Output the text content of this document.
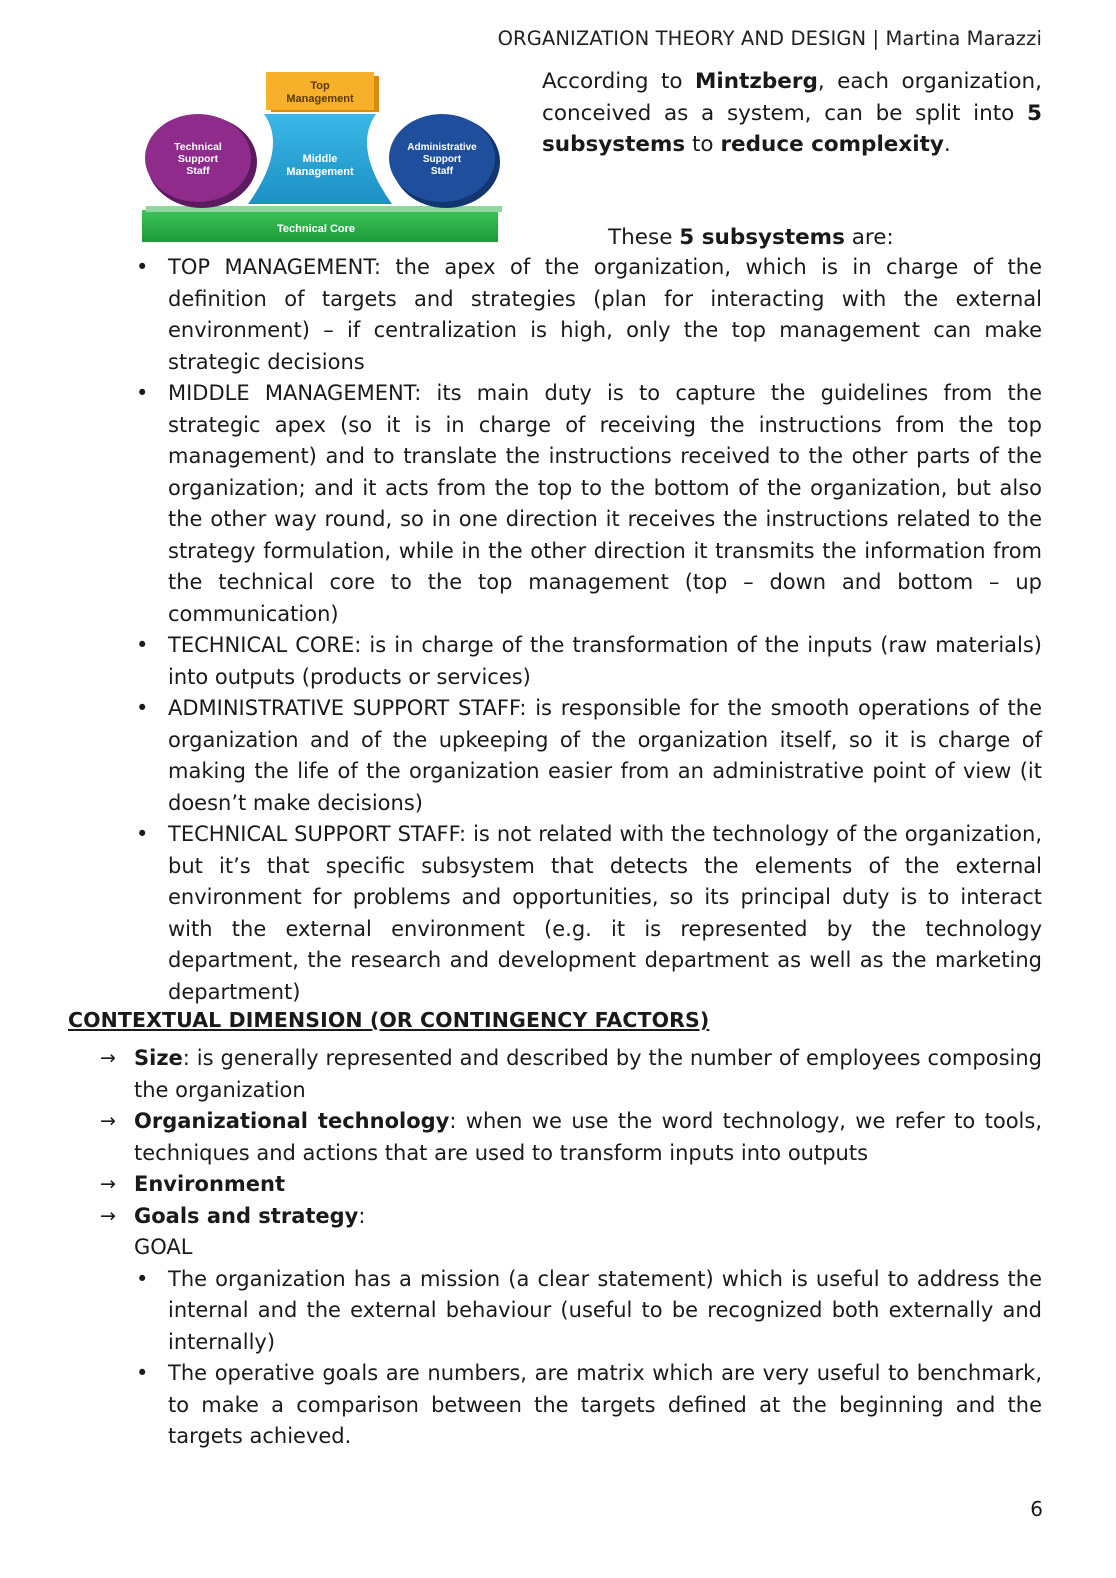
ORGANIZATION THEORY AND DESIGN | Martina Marazzi
Technical Core
Middle
Management
Top
Management
Technical
Support
Staff
Administrative
Support
Staff
According to Mintzberg, each organization, conceived as a system, can be split into 5 subsystems to reduce complexity.
These 5 subsystems are:
• TOP MANAGEMENT: the apex of the organization, which is in charge of the definition of targets and strategies (plan for interacting with the external environment) – if centralization is high, only the top management can make strategic decisions
• MIDDLE MANAGEMENT: its main duty is to capture the guidelines from the strategic apex (so it is in charge of receiving the instructions from the top management) and to translate the instructions received to the other parts of the organization; and it acts from the top to the bottom of the organization, but also the other way round, so in one direction it receives the instructions related to the strategy formulation, while in the other direction it transmits the information from the technical core to the top management (top – down and bottom – up communication)
• TECHNICAL CORE: is in charge of the transformation of the inputs (raw materials) into outputs (products or services)
• ADMINISTRATIVE SUPPORT STAFF: is responsible for the smooth operations of the organization and of the upkeeping of the organization itself, so it is charge of making the life of the organization easier from an administrative point of view (it doesn’t make decisions)
• TECHNICAL SUPPORT STAFF: is not related with the technology of the organization, but it’s that specific subsystem that detects the elements of the external environment for problems and opportunities, so its principal duty is to interact with the external environment (e.g. it is represented by the technology department, the research and development department as well as the marketing department)
CONTEXTUAL DIMENSION (OR CONTINGENCY FACTORS)
→ Size: is generally represented and described by the number of employees composing the organization
→ Organizational technology: when we use the word technology, we refer to tools, techniques and actions that are used to transform inputs into outputs
→ Environment
→ Goals and strategy:
GOAL
• The organization has a mission (a clear statement) which is useful to address the internal and the external behaviour (useful to be recognized both externally and internally)
• The operative goals are numbers, are matrix which are very useful to benchmark, to make a comparison between the targets defined at the beginning and the targets achieved.
6
